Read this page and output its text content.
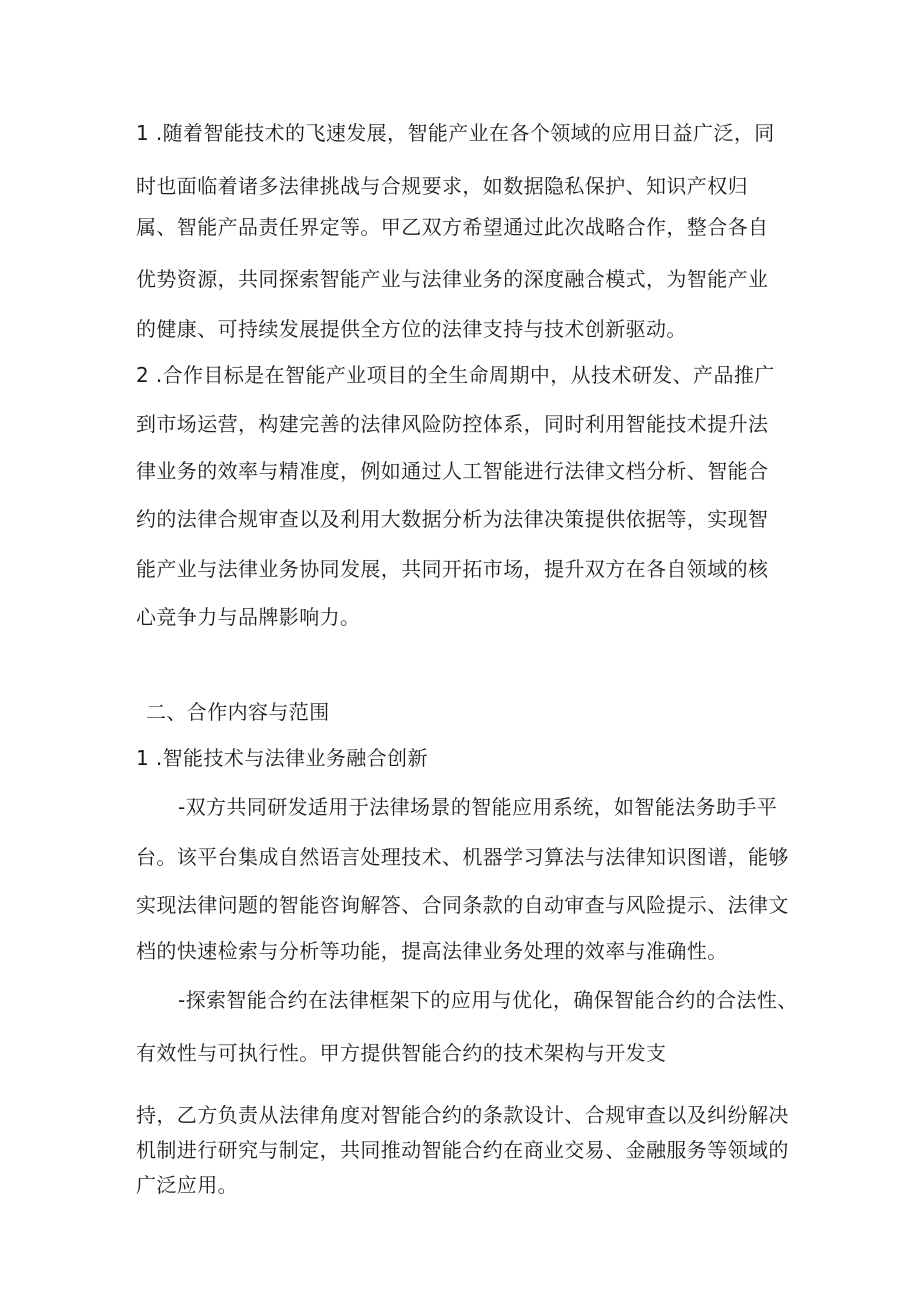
1 .随着智能技术的飞速发展，智能产业在各个领域的应用日益广泛，同
时也面临着诸多法律挑战与合规要求，如数据隐私保护、知识产权归
属、智能产品责任界定等。甲乙双方希望通过此次战略合作，整合各自
优势资源，共同探索智能产业与法律业务的深度融合模式，为智能产业
的健康、可持续发展提供全方位的法律支持与技术创新驱动。
2 .合作目标是在智能产业项目的全生命周期中，从技术研发、产品推广
到市场运营，构建完善的法律风险防控体系，同时利用智能技术提升法
律业务的效率与精准度，例如通过人工智能进行法律文档分析、智能合
约的法律合规审查以及利用大数据分析为法律决策提供依据等，实现智
能产业与法律业务协同发展，共同开拓市场，提升双方在各自领域的核
心竞争力与品牌影响力。
二、合作内容与范围
1 .智能技术与法律业务融合创新
-双方共同研发适用于法律场景的智能应用系统，如智能法务助手平
台。该平台集成自然语言处理技术、机器学习算法与法律知识图谱，能够
实现法律问题的智能咨询解答、合同条款的自动审查与风险提示、法律文
档的快速检索与分析等功能，提高法律业务处理的效率与准确性。
-探索智能合约在法律框架下的应用与优化，确保智能合约的合法性、
有效性与可执行性。甲方提供智能合约的技术架构与开发支
持，乙方负责从法律角度对智能合约的条款设计、合规审查以及纠纷解决
机制进行研究与制定，共同推动智能合约在商业交易、金融服务等领域的
广泛应用。
